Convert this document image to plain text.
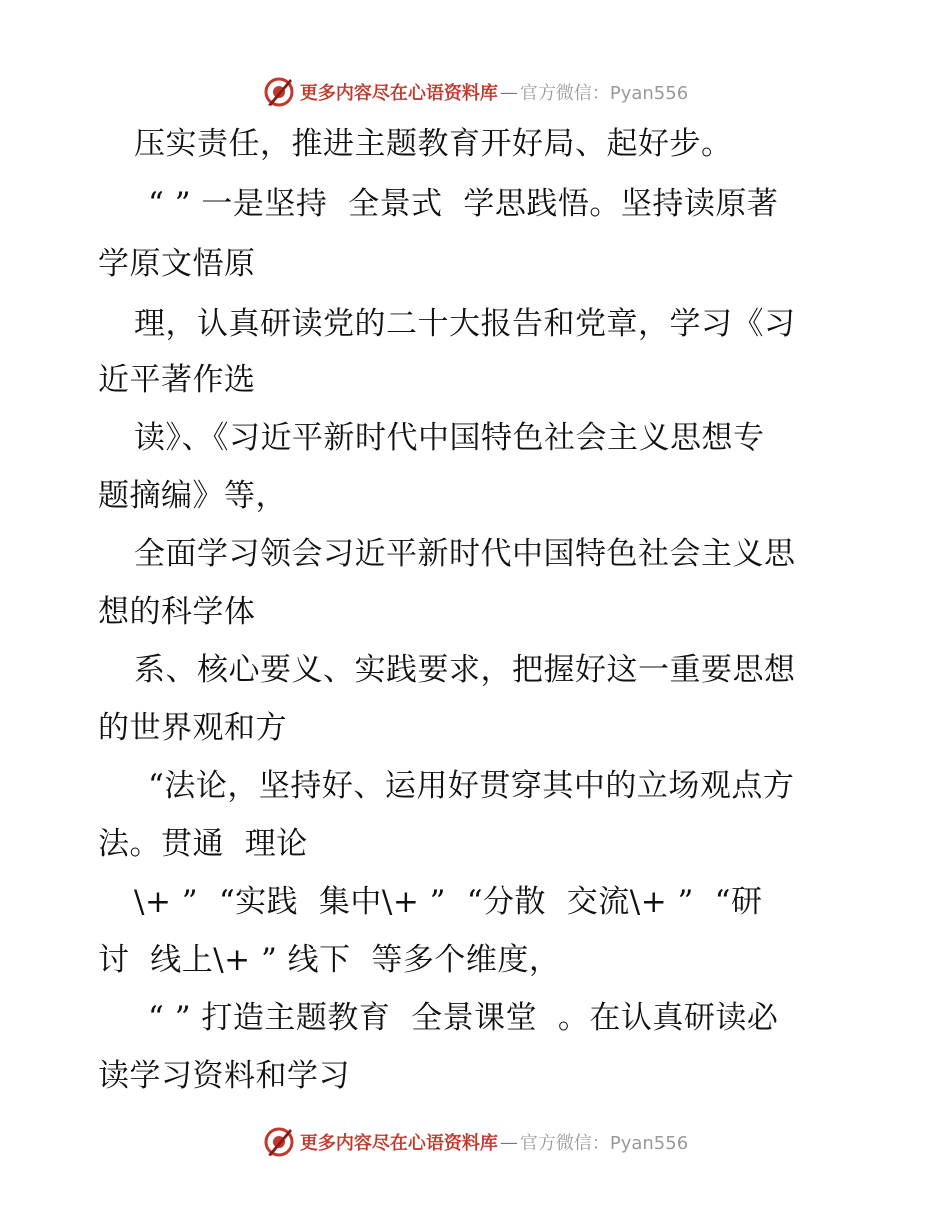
更多内容尽在心语资料库 — 官方微信：Pyan556
压实责任，推进主题教育开好局、起好步。
“ ” 一是坚持  全景式  学思践悟。坚持读原著
学原文悟原
理，认真研读党的二十大报告和党章，学习《习
近平著作选
读》、《习近平新时代中国特色社会主义思想专
题摘编》等，
全面学习领会习近平新时代中国特色社会主义思
想的科学体
系、核心要义、实践要求，把握好这一重要思想
的世界观和方
“法论，坚持好、运用好贯穿其中的立场观点方
法。贯通  理论
\+ ”  “实践  集中\+ ”  “分散  交流\+ ”  “研
讨  线上\+ ” 线下  等多个维度，
“ ” 打造主题教育  全景课堂  。在认真研读必
读学习资料和学习
更多内容尽在心语资料库 — 官方微信：Pyan556
